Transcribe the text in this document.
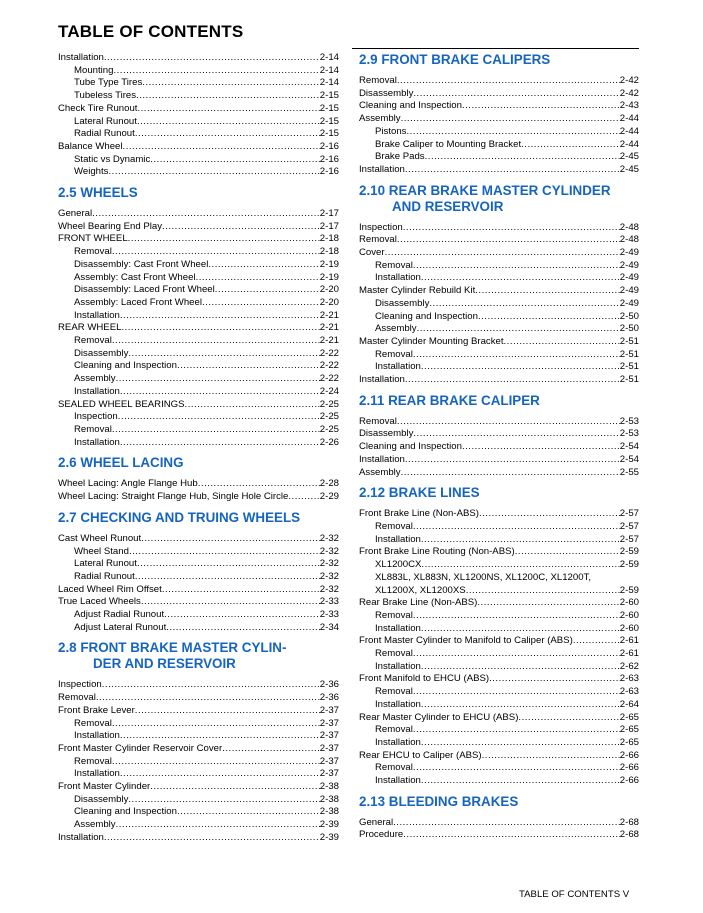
TABLE OF CONTENTS
Installation .....	2-14
Mounting .....	2-14
Tube Type Tires .....	2-14
Tubeless Tires .....	2-15
Check Tire Runout .....	2-15
Lateral Runout .....	2-15
Radial Runout .....	2-15
Balance Wheel .....	2-16
Static vs Dynamic .....	2-16
Weights .....	2-16
2.5 WHEELS
General .....	2-17
Wheel Bearing End Play .....	2-17
FRONT WHEEL .....	2-18
Removal .....	2-18
Disassembly: Cast Front Wheel .....	2-19
Assembly: Cast Front Wheel .....	2-19
Disassembly: Laced Front Wheel .....	2-20
Assembly: Laced Front Wheel .....	2-20
Installation .....	2-21
REAR WHEEL .....	2-21
Removal .....	2-21
Disassembly .....	2-22
Cleaning and Inspection .....	2-22
Assembly .....	2-22
Installation .....	2-24
SEALED WHEEL BEARINGS .....	2-25
Inspection .....	2-25
Removal .....	2-25
Installation .....	2-26
2.6 WHEEL LACING
Wheel Lacing: Angle Flange Hub .....	2-28
Wheel Lacing: Straight Flange Hub, Single Hole Circle .....	2-29
2.7 CHECKING AND TRUING WHEELS
Cast Wheel Runout .....	2-32
Wheel Stand .....	2-32
Lateral Runout .....	2-32
Radial Runout .....	2-32
Laced Wheel Rim Offset .....	2-32
True Laced Wheels .....	2-33
Adjust Radial Runout .....	2-33
Adjust Lateral Runout .....	2-34
2.8 FRONT BRAKE MASTER CYLIN-
DER AND RESERVOIR
Inspection .....	2-36
Removal .....	2-36
Front Brake Lever .....	2-37
Removal .....	2-37
Installation .....	2-37
Front Master Cylinder Reservoir Cover .....	2-37
Removal .....	2-37
Installation .....	2-37
Front Master Cylinder .....	2-38
Disassembly .....	2-38
Cleaning and Inspection .....	2-38
Assembly .....	2-39
Installation .....	2-39
2.9 FRONT BRAKE CALIPERS
Removal .....	2-42
Disassembly .....	2-42
Cleaning and Inspection .....	2-43
Assembly .....	2-44
Pistons .....	2-44
Brake Caliper to Mounting Bracket .....	2-44
Brake Pads .....	2-45
Installation .....	2-45
2.10 REAR BRAKE MASTER CYLINDER
AND RESERVOIR
Inspection .....	2-48
Removal .....	2-48
Cover .....	2-49
Removal .....	2-49
Installation .....	2-49
Master Cylinder Rebuild Kit .....	2-49
Disassembly .....	2-49
Cleaning and Inspection .....	2-50
Assembly .....	2-50
Master Cylinder Mounting Bracket .....	2-51
Removal .....	2-51
Installation .....	2-51
Installation .....	2-51
2.11 REAR BRAKE CALIPER
Removal .....	2-53
Disassembly .....	2-53
Cleaning and Inspection .....	2-54
Installation .....	2-54
Assembly .....	2-55
2.12 BRAKE LINES
Front Brake Line (Non-ABS) .....	2-57
Removal .....	2-57
Installation .....	2-57
Front Brake Line Routing (Non-ABS) .....	2-59
XL1200CX .....	2-59
XL883L, XL883N, XL1200NS, XL1200C, XL1200T,
XL1200X, XL1200XS .....	2-59
Rear Brake Line (Non-ABS) .....	2-60
Removal .....	2-60
Installation .....	2-60
Front Master Cylinder to Manifold to Caliper (ABS) .....	2-61
Removal .....	2-61
Installation .....	2-62
Front Manifold to EHCU (ABS) .....	2-63
Removal .....	2-63
Installation .....	2-64
Rear Master Cylinder to EHCU (ABS) .....	2-65
Removal .....	2-65
Installation .....	2-65
Rear EHCU to Caliper (ABS) .....	2-66
Removal .....	2-66
Installation .....	2-66
2.13 BLEEDING BRAKES
General .....	2-68
Procedure .....	2-68
TABLE OF CONTENTS V
